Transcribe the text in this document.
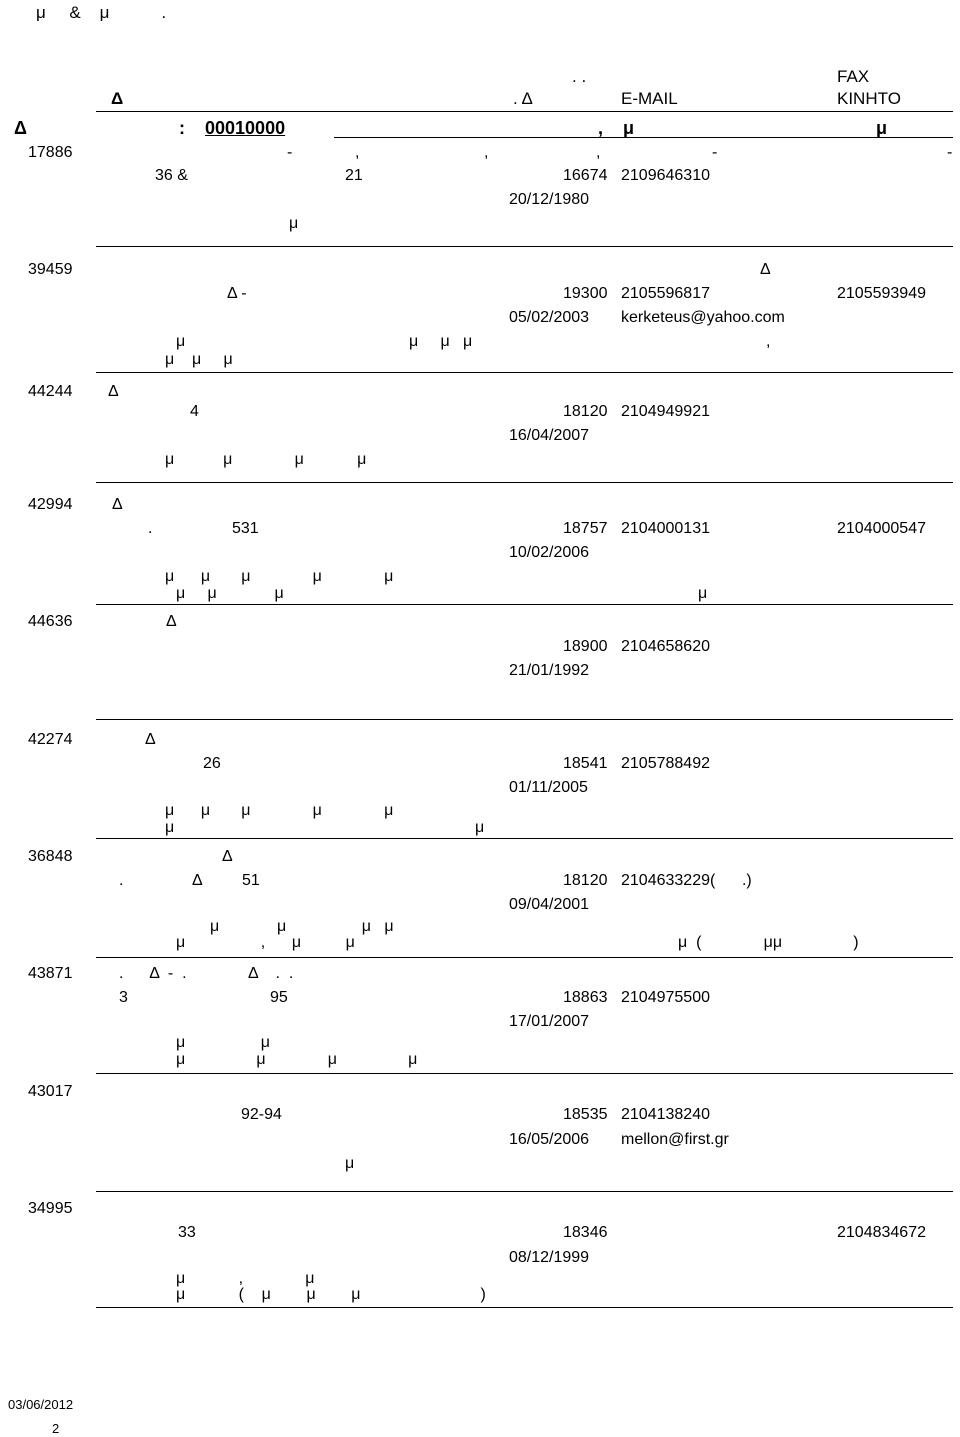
μ     &    μ           .
. .	FAX
Δ	. Δ	E-MAIL	ΚΙΝΗΤΟ
Δ	: 00010000	,    μ	μ
17886	-	,	,	,	-	-
36 &	21	16674 2109646310
20/12/1980
μ
39459	Δ
Δ -	19300 2105596817	2105593949
05/02/2003 kerketeus@yahoo.com
μ	μ     μ   μ	,
μ    μ     μ
44244 Δ
4	18120 2104949921
16/04/2007
μ           μ              μ            μ
42994 Δ
.	531	18757 2104000131	2104000547
10/02/2006
μ      μ       μ              μ              μ
μ     μ             μ	μ
44636	Δ
18900 2104658620
21/01/1992
42274	Δ
26	18541 2105788492
01/11/2005
μ      μ       μ              μ              μ
μ	μ
36848	Δ
.	Δ 51	18120 2104633229(      .)
09/04/2001
μ             μ                 μ   μ
μ                 ,      μ          μ	μ  (              μμ                )
43871	.      Δ  -  .              Δ    .  .
3	95	18863 2104975500
17/01/2007
μ                 μ
μ                μ              μ                μ
43017
92-94	18535 2104138240
16/05/2006 mellon@first.gr
μ
34995
33	18346	2104834672
08/12/1999
μ            ,              μ
μ            (    μ        μ        μ                           )
03/06/2012
2
